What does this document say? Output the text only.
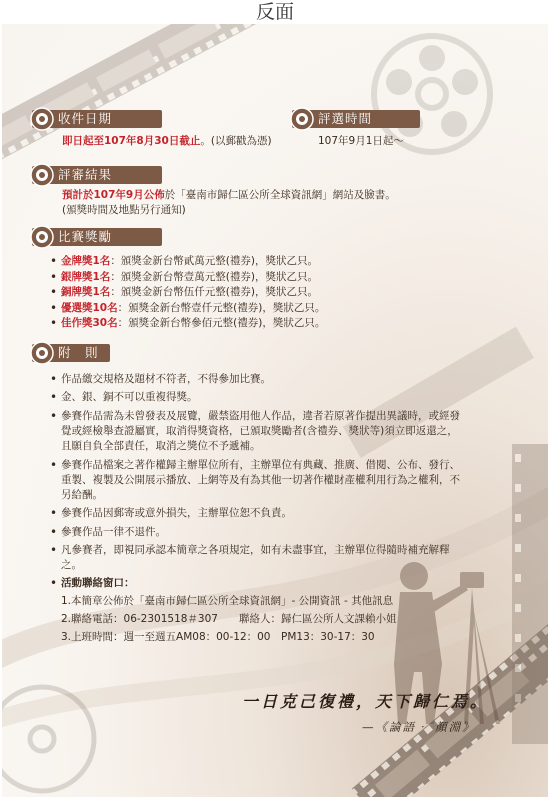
反面
收件日期
即日起至107年8月30日截止。(以郵戳為憑)
評選時間
107年9月1日起～
評審結果
預計於107年9月公佈於「臺南市歸仁區公所全球資訊網」網站及臉書。
(頒獎時間及地點另行通知)
比賽獎勵
• 金牌獎1名：頒獎金新台幣貳萬元整(禮券)，獎狀乙只。
• 銀牌獎1名：頒獎金新台幣壹萬元整(禮券)，獎狀乙只。
• 銅牌獎1名：頒獎金新台幣伍仟元整(禮券)，獎狀乙只。
• 優選獎10名：頒獎金新台幣壹仟元整(禮券)，獎狀乙只。
• 佳作獎30名：頒獎金新台幣參佰元整(禮券)，獎狀乙只。
附　則
• 作品繳交規格及題材不符者，不得參加比賽。
• 金、銀、銅不可以重複得獎。
• 參賽作品需為未曾發表及展覽，嚴禁盜用他人作品，違者若原著作提出異議時，或經發
覺或經檢舉查證屬實，取消得獎資格，已頒取獎勵者(含禮券、獎狀等)須立即返還之，
且願自負全部責任，取消之獎位不予遞補。
• 參賽作品檔案之著作權歸主辦單位所有，主辦單位有典藏、推廣、借閱、公布、發行、
重製、複製及公開展示播放、上網等及有為其他一切著作權財產權利用行為之權利，不
另給酬。
• 參賽作品因郵寄或意外損失，主辦單位恕不負責。
• 參賽作品一律不退件。
• 凡參賽者，即視同承認本簡章之各項規定，如有未盡事宜，主辦單位得隨時補充解釋
之。
• 活動聯絡窗口：
1.本簡章公佈於「臺南市歸仁區公所全球資訊網」- 公開資訊 - 其他訊息
2.聯絡電話：06-2301518＃307　　聯絡人：歸仁區公所人文課賴小姐
3.上班時間：週一至週五AM08：00-12：00　PM13：30-17：30
一日克己復禮，天下歸仁焉。
—《論語‧ 顏淵》
